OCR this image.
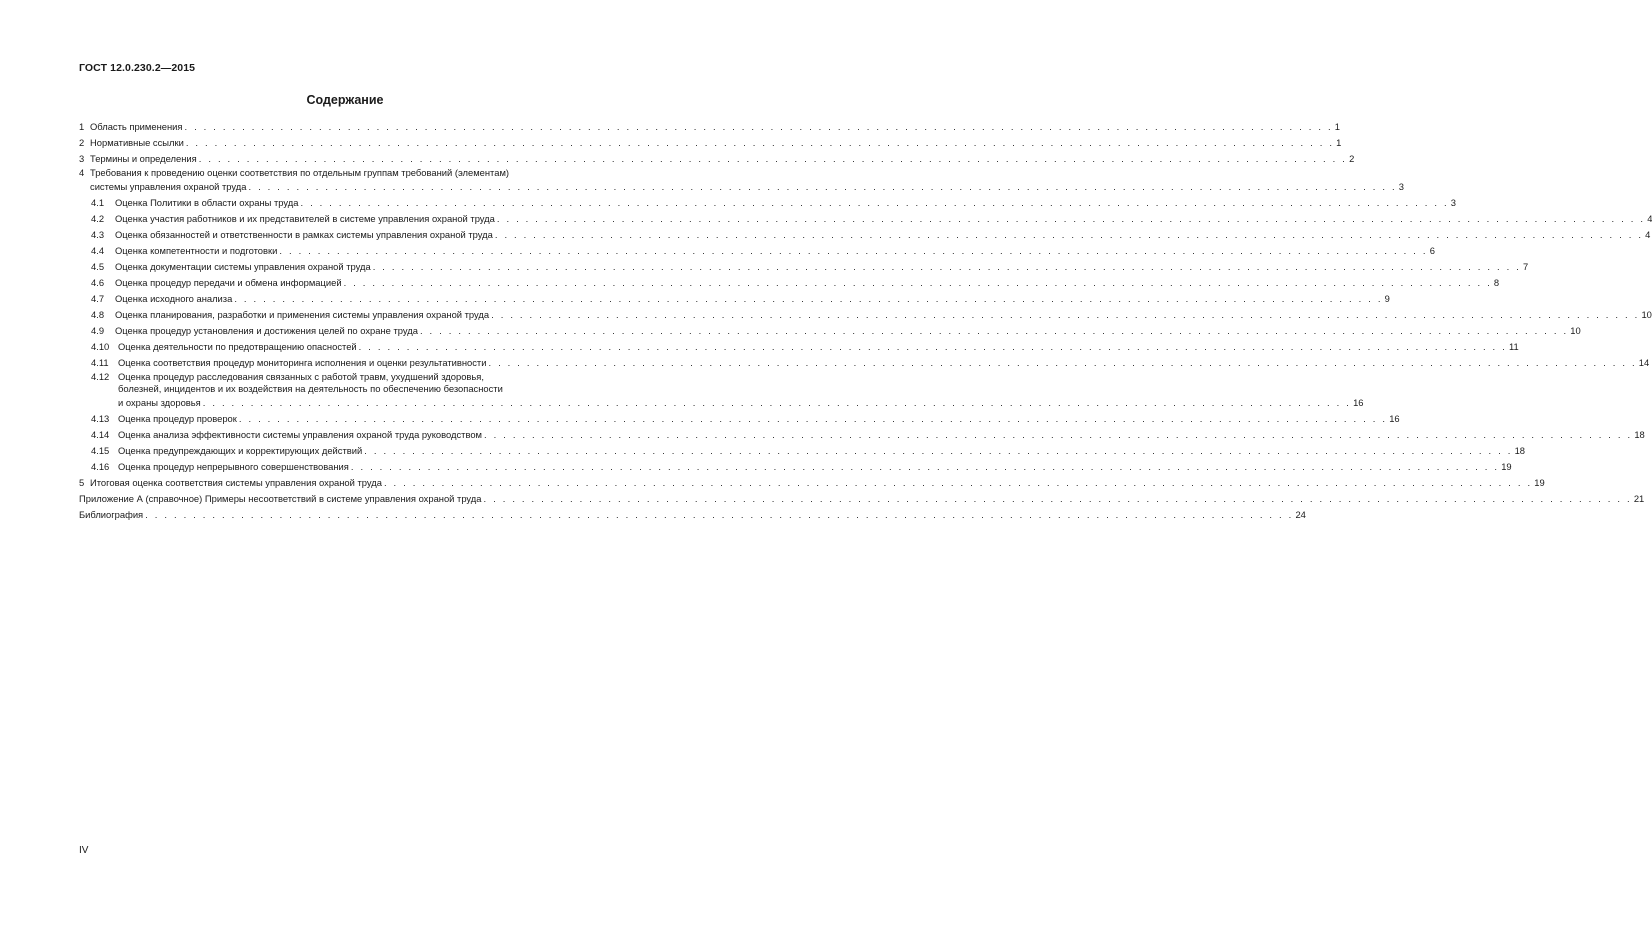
ГОСТ 12.0.230.2—2015
Содержание
1 Область применения . . .	1
2 Нормативные ссылки . . .	1
3 Термины и определения . . .	2
4 Требования к проведению оценки соответствия по отдельным группам требований (элементам)
системы управления охраной труда . . .	3
4.1	Оценка Политики в области охраны труда . . .	3
4.2	Оценка участия работников и их представителей в системе управления охраной труда . . .	4
4.3	Оценка обязанностей и ответственности в рамках системы управления охраной труда . . .	4
4.4	Оценка компетентности и подготовки . . .	6
4.5	Оценка документации системы управления охраной труда . . .	7
4.6	Оценка процедур передачи и обмена информацией . . .	8
4.7	Оценка исходного анализа . . .	9
4.8	Оценка планирования, разработки и применения системы управления охраной труда . . .	10
4.9	Оценка процедур установления и достижения целей по охране труда . . .	10
4.10 Оценка деятельности по предотвращению опасностей . . .	11
4.11	Оценка соответствия процедур мониторинга исполнения и оценки результативности . . .	14
4.12 Оценка процедур расследования связанных с работой травм, ухудшений здоровья,
болезней, инцидентов и их воздействия на деятельность по обеспечению безопасности
и охраны здоровья . . .	16
4.13 Оценка процедур проверок . . .	16
4.14 Оценка анализа эффективности системы управления охраной труда руководством . . .	18
4.15 Оценка предупреждающих и корректирующих действий . . .	18
4.16 Оценка процедур непрерывного совершенствования . . .	19
5 Итоговая оценка соответствия системы управления охраной труда . . .	19
Приложение А (справочное) Примеры несоответствий в системе управления охраной труда . . .	21
Библиография . . .	24
IV
